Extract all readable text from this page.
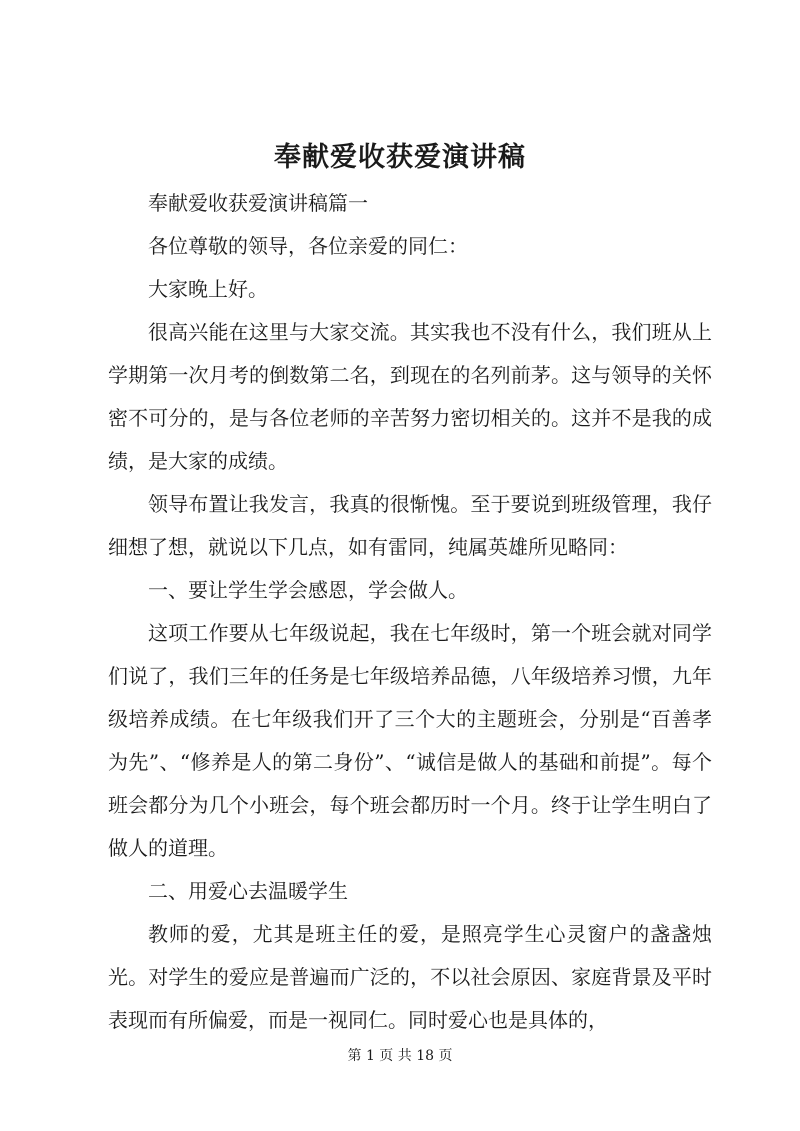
奉献爱收获爱演讲稿

奉献爱收获爱演讲稿篇一

各位尊敬的领导，各位亲爱的同仁：

大家晚上好。

很高兴能在这里与大家交流。其实我也不没有什么，我们班从上学期第一次月考的倒数第二名，到现在的名列前茅。这与领导的关怀密不可分的，是与各位老师的辛苦努力密切相关的。这并不是我的成绩，是大家的成绩。

领导布置让我发言，我真的很惭愧。至于要说到班级管理，我仔细想了想，就说以下几点，如有雷同，纯属英雄所见略同：

一、要让学生学会感恩，学会做人。

这项工作要从七年级说起，我在七年级时，第一个班会就对同学们说了，我们三年的任务是七年级培养品德，八年级培养习惯，九年级培养成绩。在七年级我们开了三个大的主题班会，分别是“百善孝为先”、“修养是人的第二身份”、“诚信是做人的基础和前提”。每个班会都分为几个小班会，每个班会都历时一个月。终于让学生明白了做人的道理。

二、用爱心去温暖学生

教师的爱，尤其是班主任的爱，是照亮学生心灵窗户的盏盏烛光。对学生的爱应是普遍而广泛的，不以社会原因、家庭背景及平时表现而有所偏爱，而是一视同仁。同时爱心也是具体的，

第 1 页 共 18 页
